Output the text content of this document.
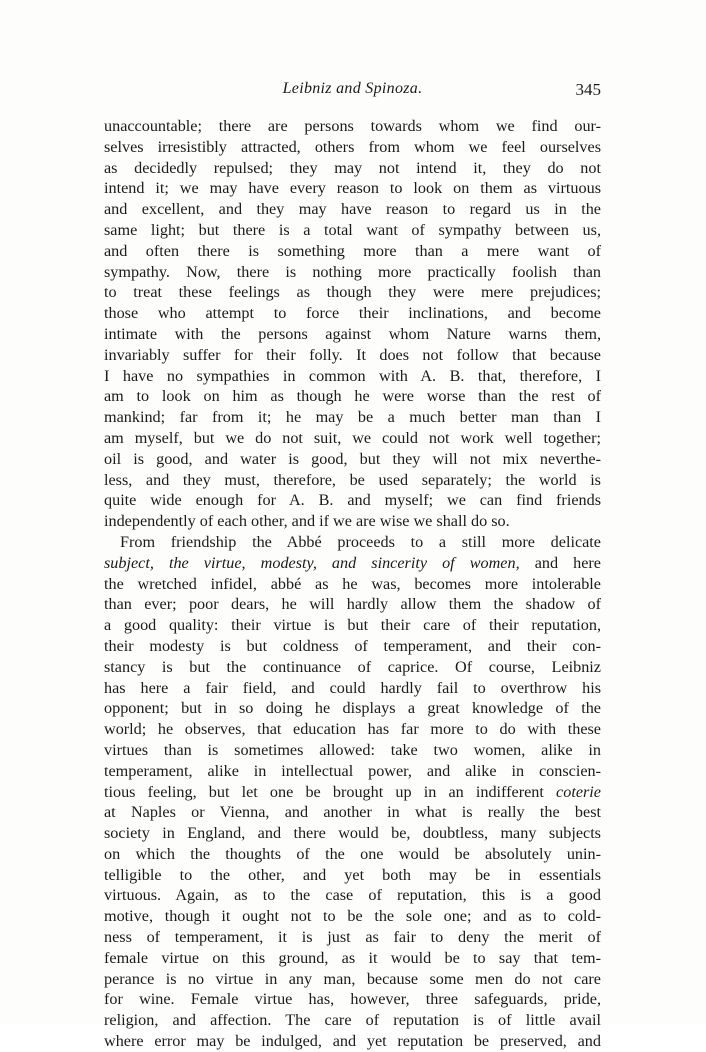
Leibniz and Spinoza.	345
unaccountable; there are persons towards whom we find our-
selves irresistibly attracted, others from whom we feel ourselves
as decidedly repulsed; they may not intend it, they do not
intend it; we may have every reason to look on them as virtuous
and excellent, and they may have reason to regard us in the
same light; but there is a total want of sympathy between us,
and often there is something more than a mere want of
sympathy. Now, there is nothing more practically foolish than
to treat these feelings as though they were mere prejudices;
those who attempt to force their inclinations, and become
intimate with the persons against whom Nature warns them,
invariably suffer for their folly. It does not follow that because
I have no sympathies in common with A. B. that, therefore, I
am to look on him as though he were worse than the rest of
mankind; far from it; he may be a much better man than I
am myself, but we do not suit, we could not work well together;
oil is good, and water is good, but they will not mix neverthe-
less, and they must, therefore, be used separately; the world is
quite wide enough for A. B. and myself; we can find friends
independently of each other, and if we are wise we shall do so.
From friendship the Abbé proceeds to a still more delicate
subject, the virtue, modesty, and sincerity of women, and here
the wretched infidel, abbé as he was, becomes more intolerable
than ever; poor dears, he will hardly allow them the shadow of
a good quality: their virtue is but their care of their reputation,
their modesty is but coldness of temperament, and their con-
stancy is but the continuance of caprice. Of course, Leibniz
has here a fair field, and could hardly fail to overthrow his
opponent; but in so doing he displays a great knowledge of the
world; he observes, that education has far more to do with these
virtues than is sometimes allowed: take two women, alike in
temperament, alike in intellectual power, and alike in conscien-
tious feeling, but let one be brought up in an indifferent coterie
at Naples or Vienna, and another in what is really the best
society in England, and there would be, doubtless, many subjects
on which the thoughts of the one would be absolutely unin-
telligible to the other, and yet both may be in essentials
virtuous. Again, as to the case of reputation, this is a good
motive, though it ought not to be the sole one; and as to cold-
ness of temperament, it is just as fair to deny the merit of
female virtue on this ground, as it would be to say that tem-
perance is no virtue in any man, because some men do not care
for wine. Female virtue has, however, three safeguards, pride,
religion, and affection. The care of reputation is of little avail
where error may be indulged, and yet reputation be preserved, and
